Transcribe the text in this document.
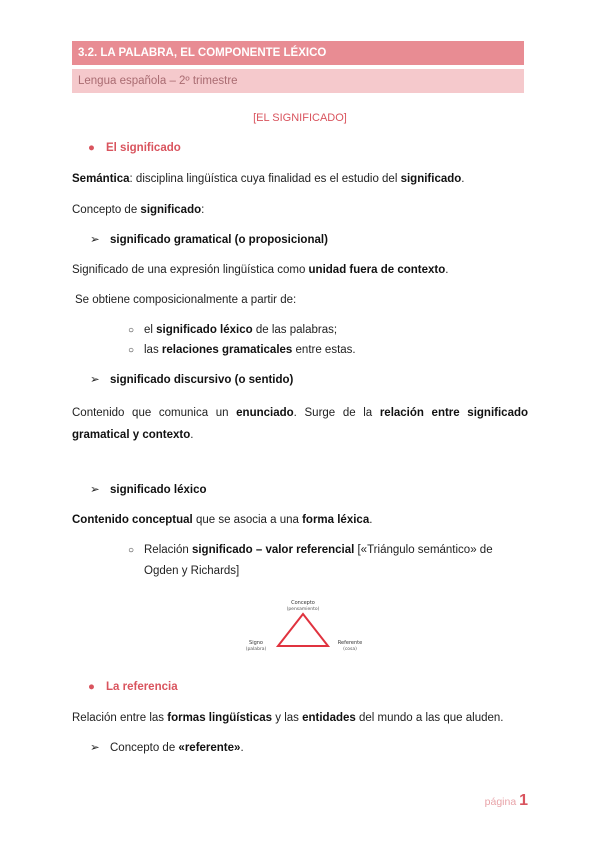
3.2. LA PALABRA, EL COMPONENTE LÉXICO
Lengua española – 2º trimestre
[EL SIGNIFICADO]
● El significado
Semántica: disciplina lingüística cuya finalidad es el estudio del significado.
Concepto de significado:
➢ significado gramatical (o proposicional)
Significado de una expresión lingüística como unidad fuera de contexto.
Se obtiene composicionalmente a partir de:
○ el significado léxico de las palabras;
○ las relaciones gramaticales entre estas.
➢ significado discursivo (o sentido)
Contenido que comunica un enunciado. Surge de la relación entre significado gramatical y contexto.
➢ significado léxico
Contenido conceptual que se asocia a una forma léxica.
○ Relación significado – valor referencial [«Triángulo semántico» de
Ogden y Richards]
Concepto
(pensamiento)
Signo
(palabra)
Referente
(cosa)
● La referencia
Relación entre las formas lingüísticas y las entidades del mundo a las que aluden.
➢ Concepto de «referente».
página 1
